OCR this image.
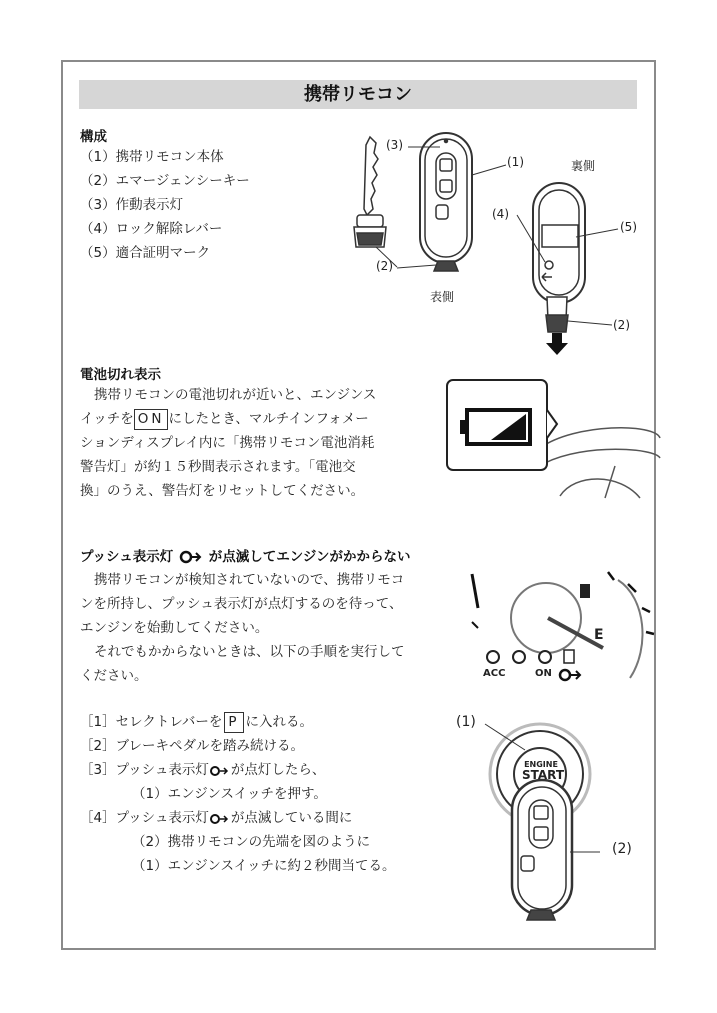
携帯リモコン
構成
（1）携帯リモコン本体
（2）エマージェンシーキー
（3）作動表示灯
（4）ロック解除レバー
（5）適合証明マーク
(3)
(1)	裏側
(4)
(5)
(2)
表側
(2)
電池切れ表示
携帯リモコンの電池切れが近いと、エンジンス
イッチを ON にしたとき、マルチインフォメー
ションディスプレイ内に「携帯リモコン電池消耗
警告灯」が約１５秒間表示されます。「電池交
換」のうえ、警告灯をリセットしてください。
プッシュ表示灯	が点滅してエンジンがかからない
携帯リモコンが検知されていないので、携帯リモコ
ンを所持し、プッシュ表示灯が点灯するのを待って、
エンジンを始動してください。
それでもかからないときは、以下の手順を実行して
ください。
E
ACC	ON
［1］セレクトレバーを P に入れる。
［2］ブレーキペダルを踏み続ける。
［3］プッシュ表示灯 が点灯したら、
（1）エンジンスイッチを押す。
［4］プッシュ表示灯 が点滅している間に
（2）携帯リモコンの先端を図のように
（1）エンジンスイッチに約２秒間当てる。
(1)
(2)
ENGINE
START
